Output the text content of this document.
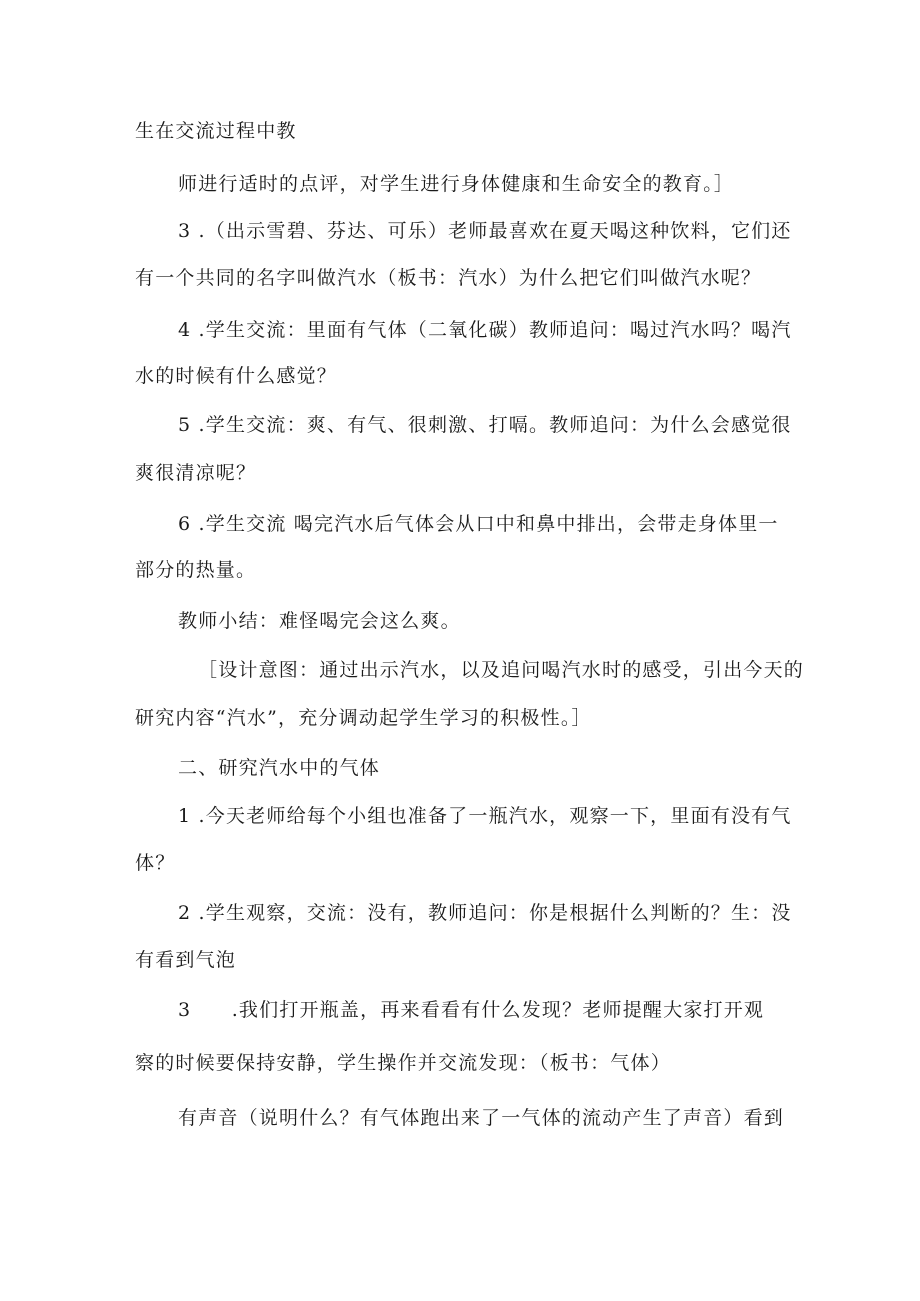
生在交流过程中教
师进行适时的点评，对学生进行身体健康和生命安全的教育。］
3 .（出示雪碧、芬达、可乐）老师最喜欢在夏天喝这种饮料，它们还
有一个共同的名字叫做汽水（板书：汽水）为什么把它们叫做汽水呢？
4 .学生交流：里面有气体（二氧化碳）教师追问：喝过汽水吗？喝汽
水的时候有什么感觉？
5 .学生交流：爽、有气、很刺激、打嗝。教师追问：为什么会感觉很
爽很清凉呢？
6 .学生交流 喝完汽水后气体会从口中和鼻中排出，会带走身体里一
部分的热量。
教师小结：难怪喝完会这么爽。
［设计意图：通过出示汽水，以及追问喝汽水时的感受，引出今天的
研究内容“汽水”，充分调动起学生学习的积极性。］
二、研究汽水中的气体
1 .今天老师给每个小组也准备了一瓶汽水，观察一下，里面有没有气
体？
2 .学生观察，交流：没有，教师追问：你是根据什么判断的？生：没
有看到气泡
3　　.我们打开瓶盖，再来看看有什么发现？老师提醒大家打开观
察的时候要保持安静，学生操作并交流发现：（板书：气体）
有声音（说明什么？有气体跑出来了一气体的流动产生了声音）看到
